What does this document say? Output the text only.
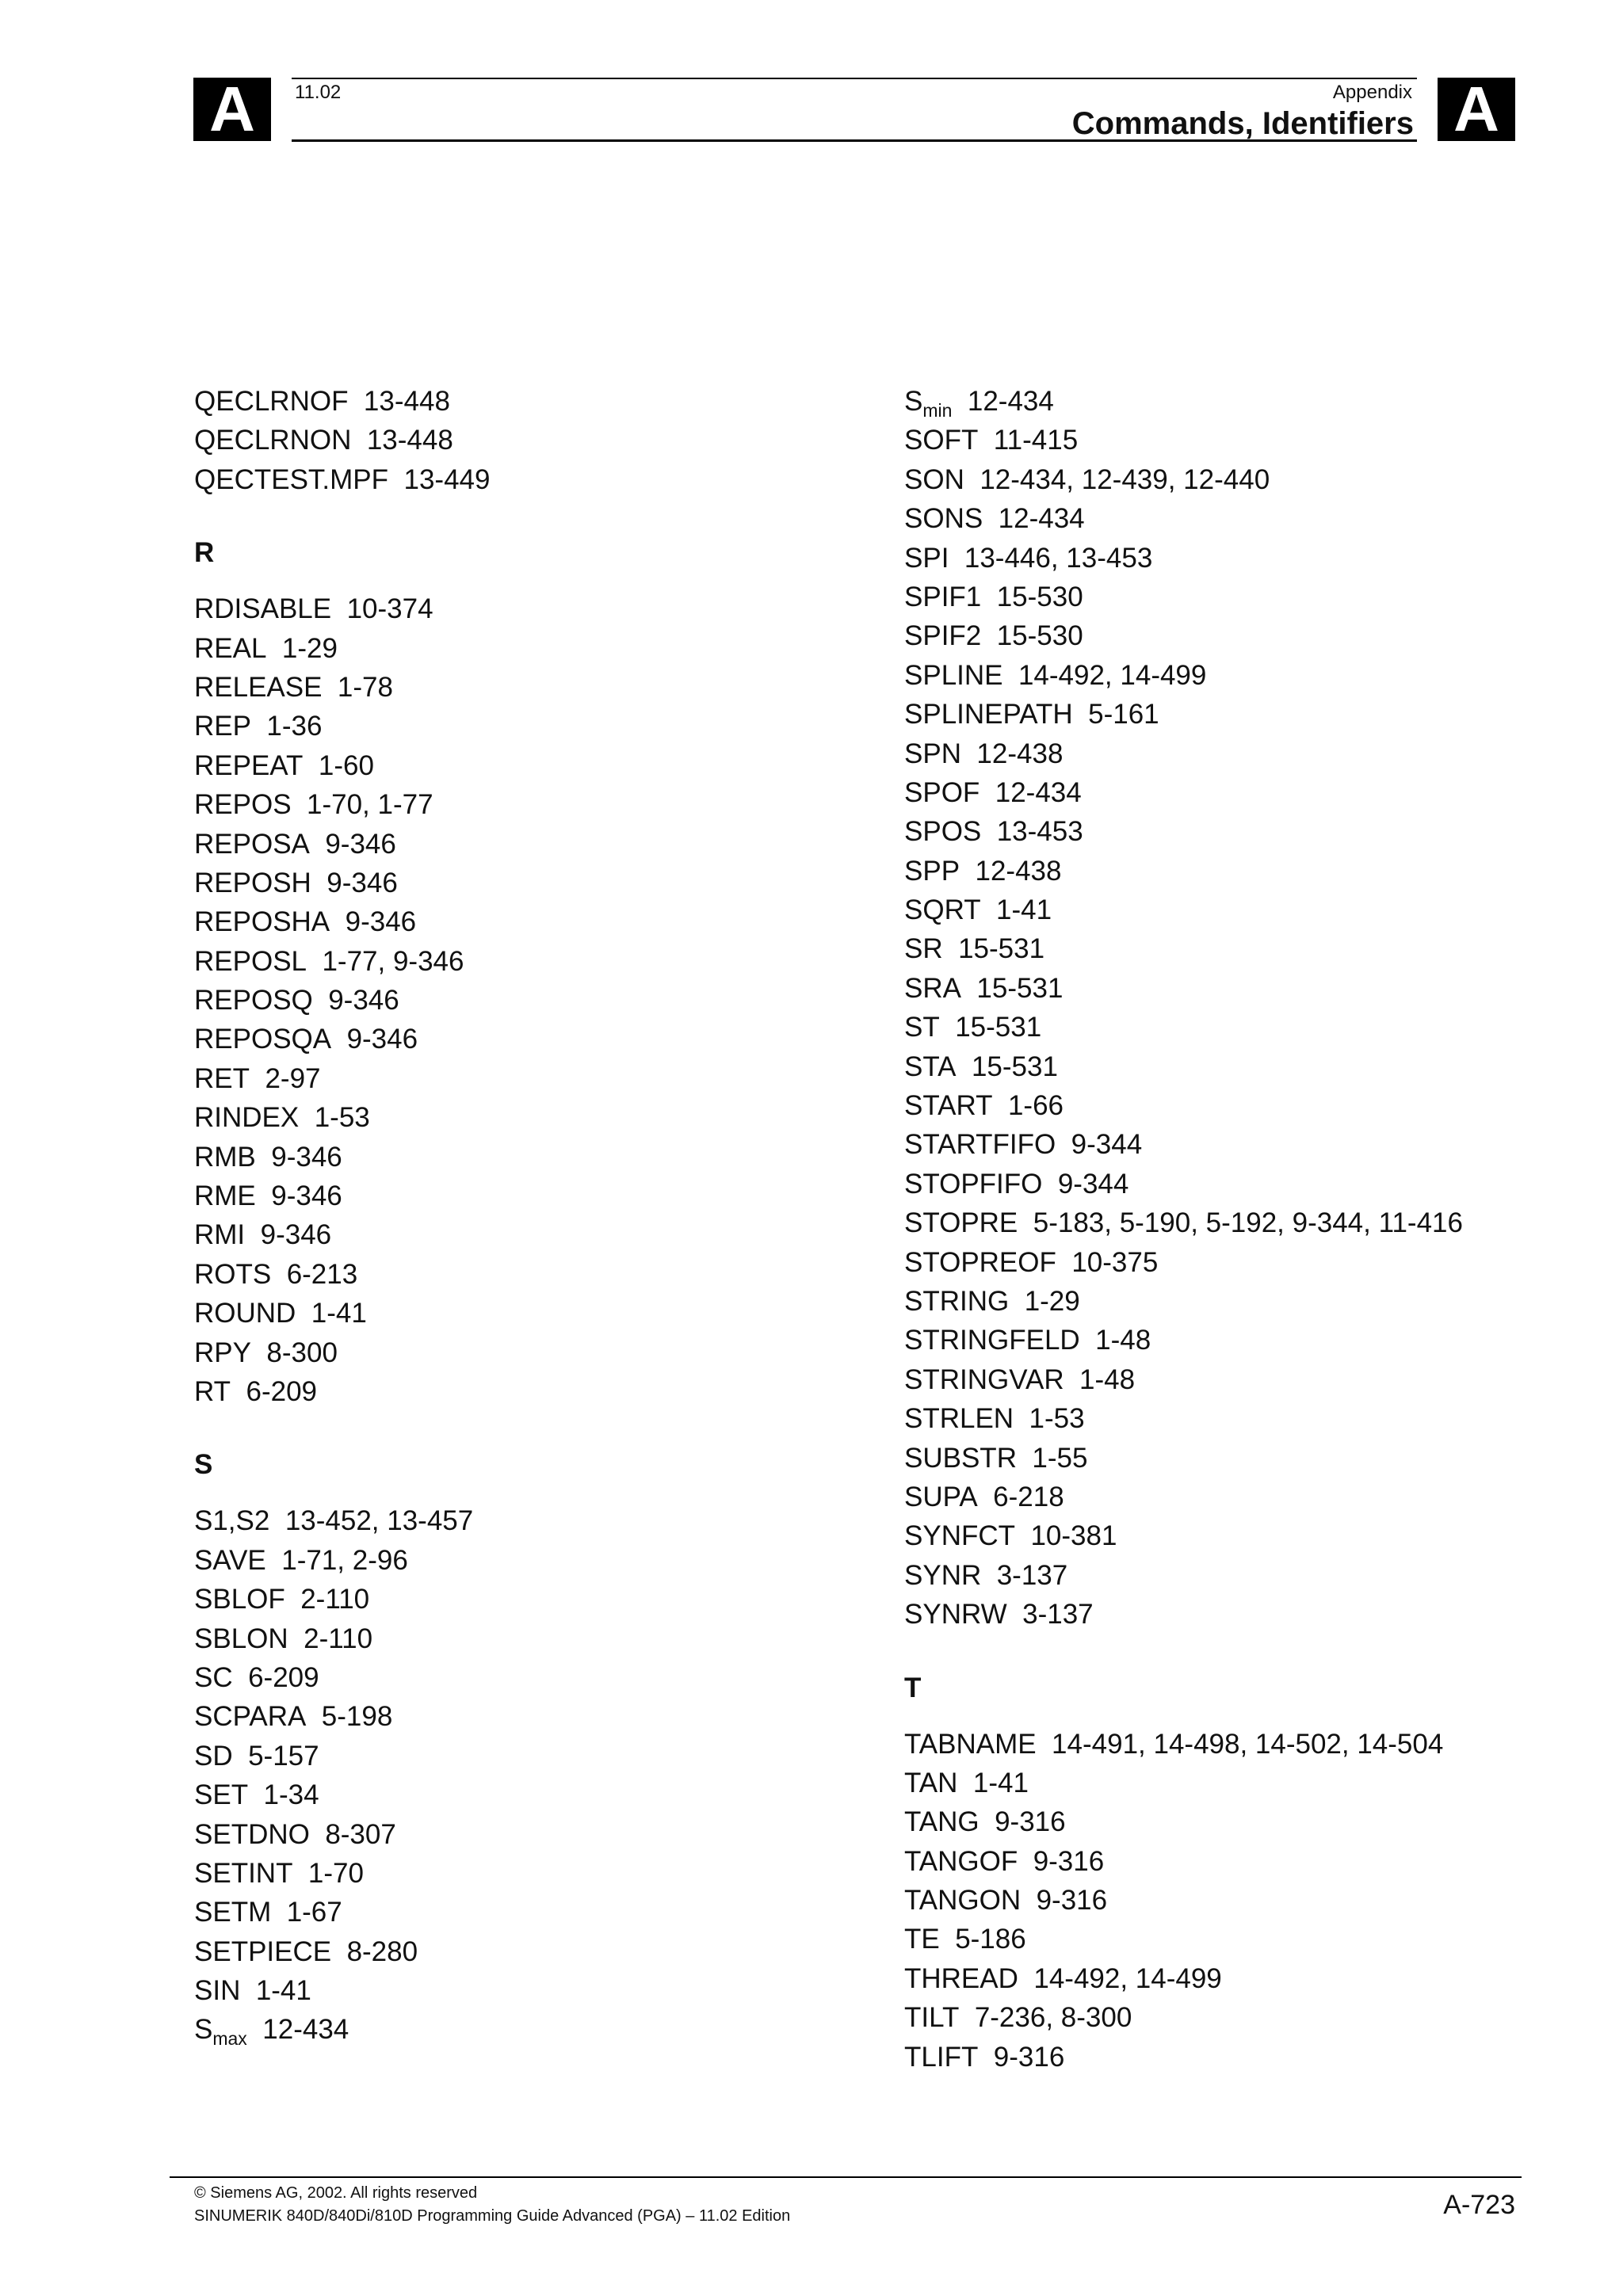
A	A
11.02	Appendix
Commands, Identifiers
QECLRNOF 13-448
QECLRNON 13-448
QECTEST.MPF 13-449
R
RDISABLE 10-374
REAL 1-29
RELEASE 1-78
REP 1-36
REPEAT 1-60
REPOS 1-70, 1-77
REPOSA 9-346
REPOSH 9-346
REPOSHA 9-346
REPOSL 1-77, 9-346
REPOSQ 9-346
REPOSQA 9-346
RET 2-97
RINDEX 1-53
RMB 9-346
RME 9-346
RMI 9-346
ROTS 6-213
ROUND 1-41
RPY 8-300
RT 6-209
S
S1,S2 13-452, 13-457
SAVE 1-71, 2-96
SBLOF 2-110
SBLON 2-110
SC 6-209
SCPARA 5-198
SD 5-157
SET 1-34
SETDNO 8-307
SETINT 1-70
SETM 1-67
SETPIECE 8-280
SIN 1-41
$S_{max}$ 12-434
$S_{min}$ 12-434
SOFT 11-415
SON 12-434, 12-439, 12-440
SONS 12-434
SPI 13-446, 13-453
SPIF1 15-530
SPIF2 15-530
SPLINE 14-492, 14-499
SPLINEPATH 5-161
SPN 12-438
SPOF 12-434
SPOS 13-453
SPP 12-438
SQRT 1-41
SR 15-531
SRA 15-531
ST 15-531
STA 15-531
START 1-66
STARTFIFO 9-344
STOPFIFO 9-344
STOPRE 5-183, 5-190, 5-192, 9-344, 11-416
STOPREOF 10-375
STRING 1-29
STRINGFELD 1-48
STRINGVAR 1-48
STRLEN 1-53
SUBSTR 1-55
SUPA 6-218
SYNFCT 10-381
SYNR 3-137
SYNRW 3-137
T
TABNAME 14-491, 14-498, 14-502, 14-504
TAN 1-41
TANG 9-316
TANGOF 9-316
TANGON 9-316
TE 5-186
THREAD 14-492, 14-499
TILT 7-236, 8-300
TLIFT 9-316
© Siemens AG, 2002. All rights reserved
SINUMERIK 840D/840Di/810D Programming Guide Advanced (PGA) – 11.02 Edition	A-723
